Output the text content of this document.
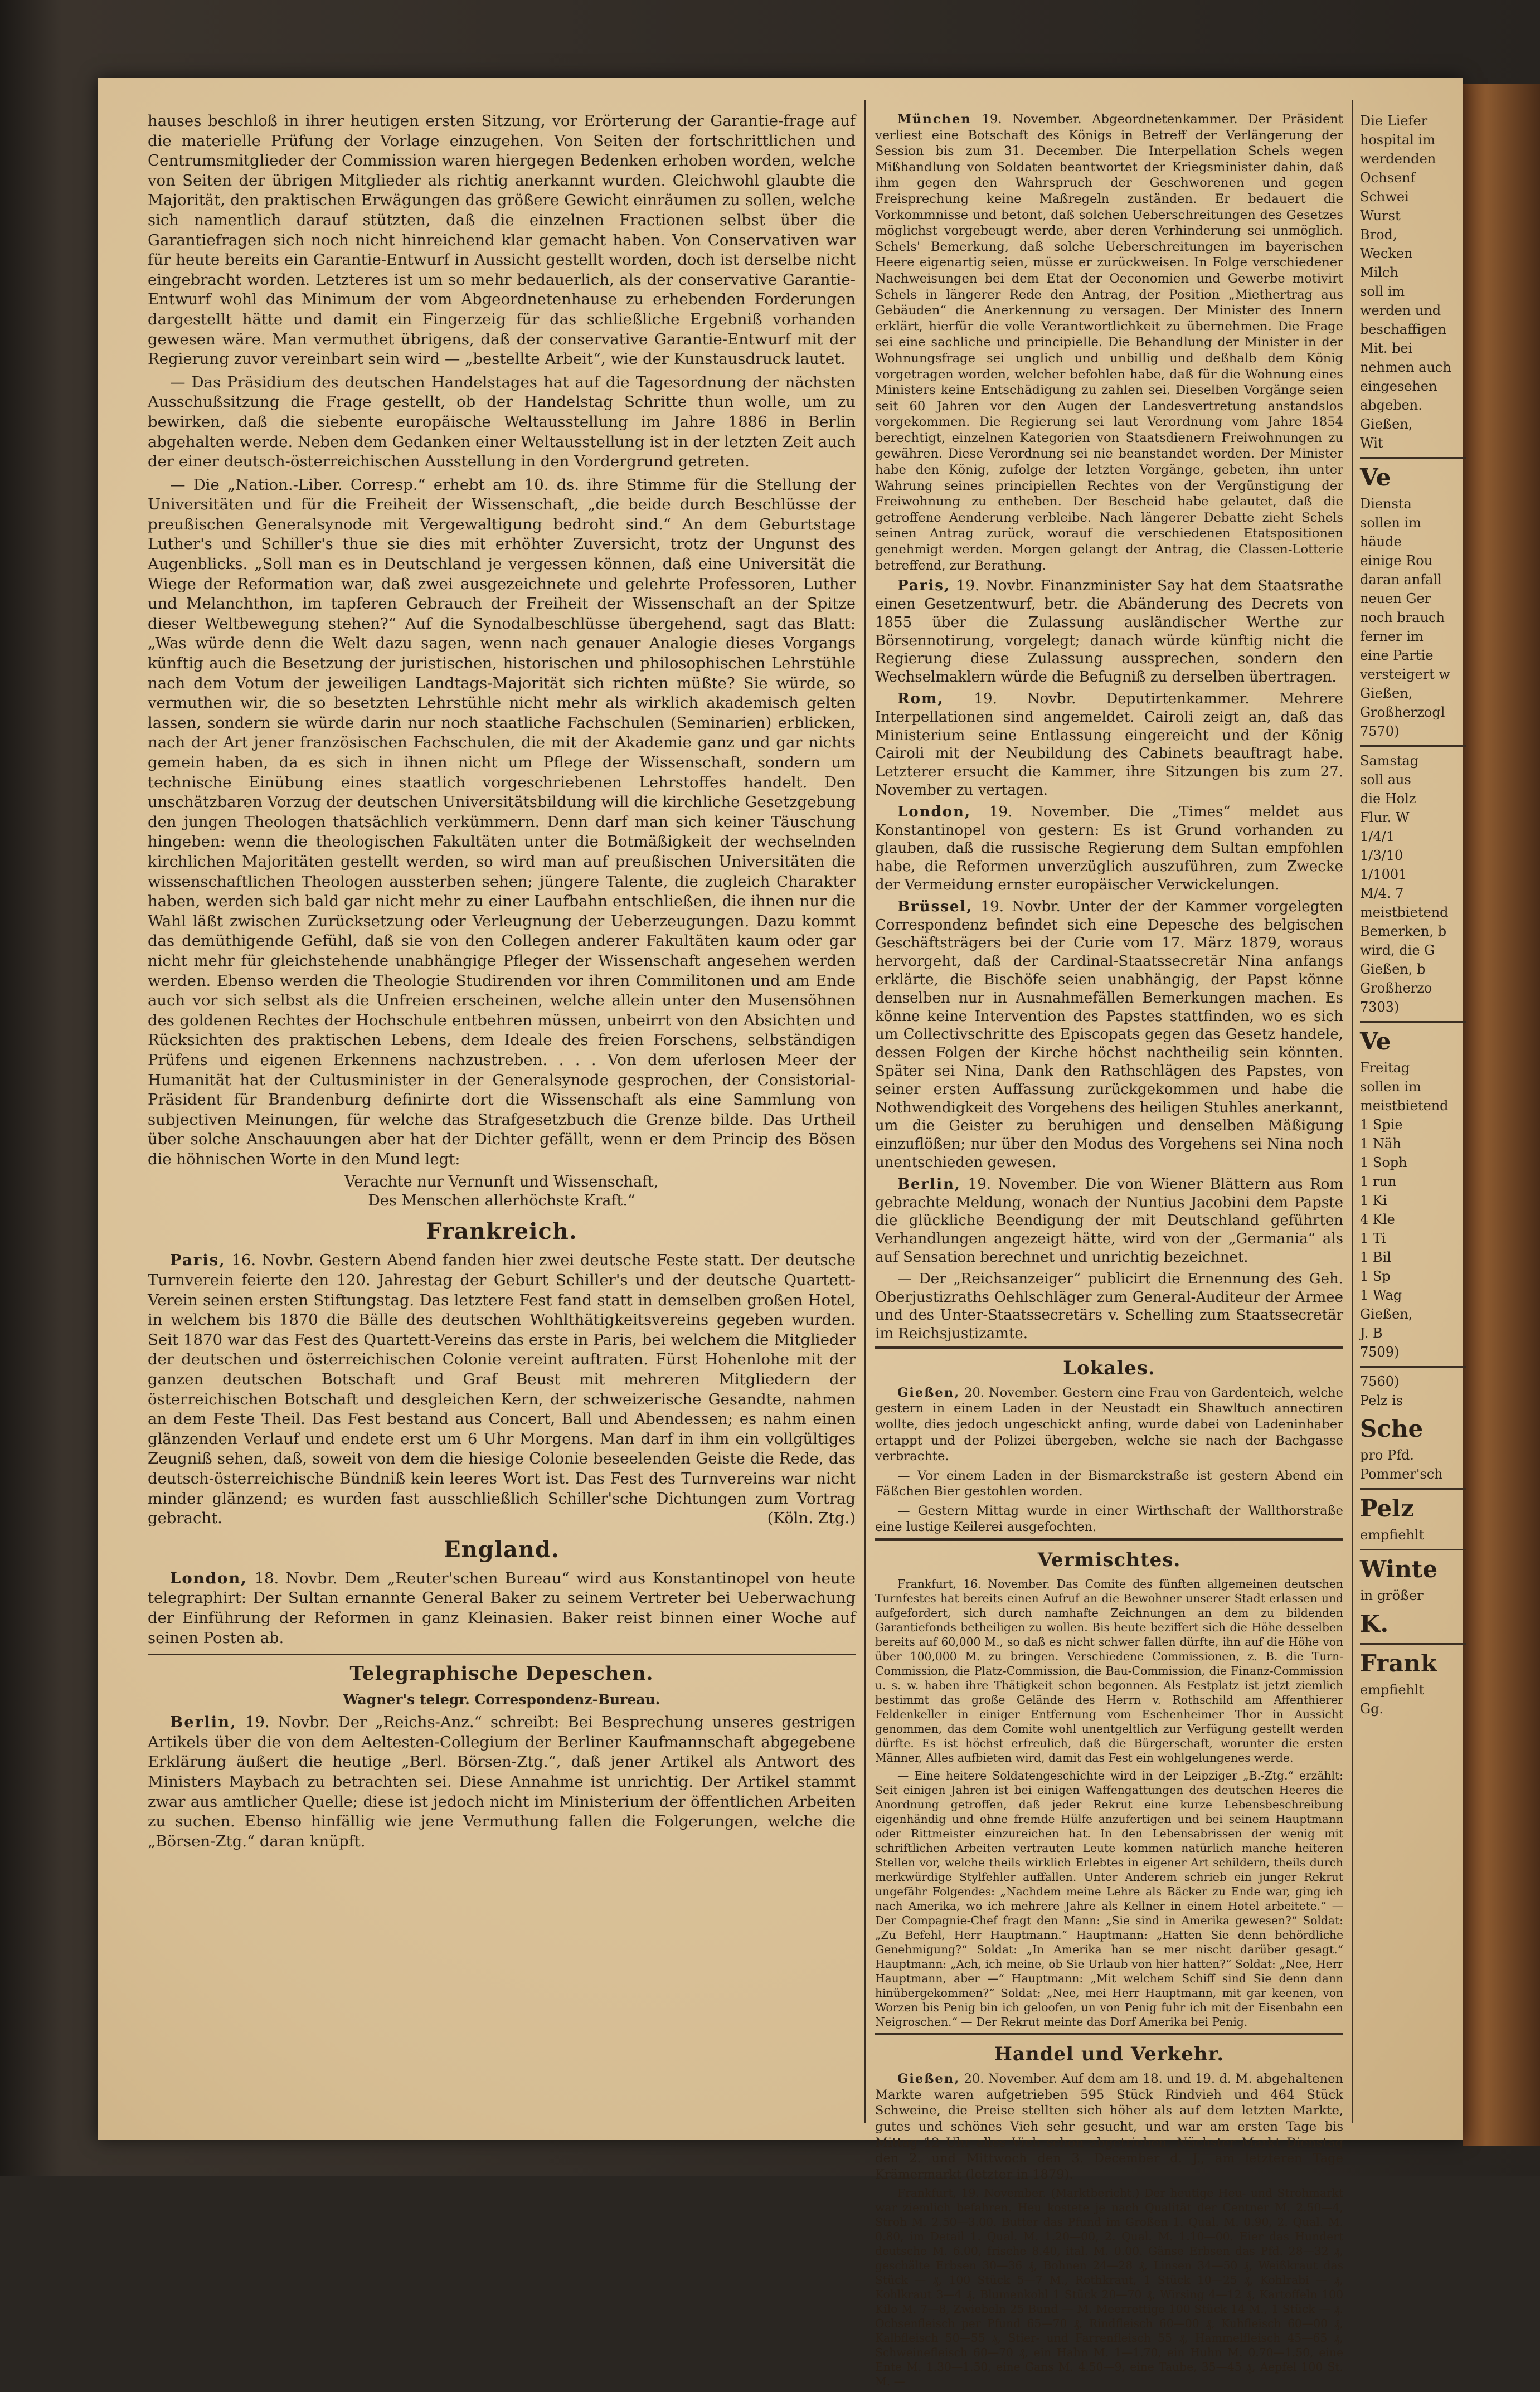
hauses beschloß in ihrer heutigen ersten Sitzung, vor Erörterung der Garantie-frage auf die materielle Prüfung der Vorlage einzugehen. Von Seiten der fortschrittlichen und Centrumsmitglieder der Commission waren hiergegen Bedenken erhoben worden, welche von Seiten der übrigen Mitglieder als richtig anerkannt wurden. Gleichwohl glaubte die Majorität, den praktischen Erwägungen das größere Gewicht einräumen zu sollen, welche sich namentlich darauf stützten, daß die einzelnen Fractionen selbst über die Garantiefragen sich noch nicht hinreichend klar gemacht haben. Von Conservativen war für heute bereits ein Garantie-Entwurf in Aussicht gestellt worden, doch ist derselbe nicht eingebracht worden. Letzteres ist um so mehr bedauerlich, als der conservative Garantie-Entwurf wohl das Minimum der vom Abgeordnetenhause zu erhebenden Forderungen dargestellt hätte und damit ein Fingerzeig für das schließliche Ergebniß vorhanden gewesen wäre. Man vermuthet übrigens, daß der conservative Garantie-Entwurf mit der Regierung zuvor vereinbart sein wird — „bestellte Arbeit“, wie der Kunstausdruck lautet.

— Das Präsidium des deutschen Handelstages hat auf die Tagesordnung der nächsten Ausschußsitzung die Frage gestellt, ob der Handelstag Schritte thun wolle, um zu bewirken, daß die siebente europäische Weltausstellung im Jahre 1886 in Berlin abgehalten werde. Neben dem Gedanken einer Weltausstellung ist in der letzten Zeit auch der einer deutsch-österreichischen Ausstellung in den Vordergrund getreten.

— Die „Nation.-Liber. Corresp.“ erhebt am 10. ds. ihre Stimme für die Stellung der Universitäten und für die Freiheit der Wissenschaft, „die beide durch Beschlüsse der preußischen Generalsynode mit Vergewaltigung bedroht sind.“ An dem Geburtstage Luther's und Schiller's thue sie dies mit erhöhter Zuversicht, trotz der Ungunst des Augenblicks. „Soll man es in Deutschland je vergessen können, daß eine Universität die Wiege der Reformation war, daß zwei ausgezeichnete und gelehrte Professoren, Luther und Melanchthon, im tapferen Gebrauch der Freiheit der Wissenschaft an der Spitze dieser Weltbewegung stehen?“ Auf die Synodalbeschlüsse übergehend, sagt das Blatt: „Was würde denn die Welt dazu sagen, wenn nach genauer Analogie dieses Vorgangs künftig auch die Besetzung der juristischen, historischen und philosophischen Lehrstühle nach dem Votum der jeweiligen Landtags-Majorität sich richten müßte? Sie würde, so vermuthen wir, die so besetzten Lehrstühle nicht mehr als wirklich akademisch gelten lassen, sondern sie würde darin nur noch staatliche Fachschulen (Seminarien) erblicken, nach der Art jener französischen Fachschulen, die mit der Akademie ganz und gar nichts gemein haben, da es sich in ihnen nicht um Pflege der Wissenschaft, sondern um technische Einübung eines staatlich vorgeschriebenen Lehrstoffes handelt. Den unschätzbaren Vorzug der deutschen Universitätsbildung will die kirchliche Gesetzgebung den jungen Theologen thatsächlich verkümmern. Denn darf man sich keiner Täuschung hingeben: wenn die theologischen Fakultäten unter die Botmäßigkeit der wechselnden kirchlichen Majoritäten gestellt werden, so wird man auf preußischen Universitäten die wissenschaftlichen Theologen aussterben sehen; jüngere Talente, die zugleich Charakter haben, werden sich bald gar nicht mehr zu einer Laufbahn entschließen, die ihnen nur die Wahl läßt zwischen Zurücksetzung oder Verleugnung der Ueberzeugungen. Dazu kommt das demüthigende Gefühl, daß sie von den Collegen anderer Fakultäten kaum oder gar nicht mehr für gleichstehende unabhängige Pfleger der Wissenschaft angesehen werden werden. Ebenso werden die Theologie Studirenden vor ihren Commilitonen und am Ende auch vor sich selbst als die Unfreien erscheinen, welche allein unter den Musensöhnen des goldenen Rechtes der Hochschule entbehren müssen, unbeirrt von den Absichten und Rücksichten des praktischen Lebens, dem Ideale des freien Forschens, selbständigen Prüfens und eigenen Erkennens nachzustreben. . . . Von dem uferlosen Meer der Humanität hat der Cultusminister in der Generalsynode gesprochen, der Consistorial-Präsident für Brandenburg definirte dort die Wissenschaft als eine Sammlung von subjectiven Meinungen, für welche das Strafgesetzbuch die Grenze bilde. Das Urtheil über solche Anschauungen aber hat der Dichter gefällt, wenn er dem Princip des Bösen die höhnischen Worte in den Mund legt:

Verachte nur Vernunft und Wissenschaft,

Des Menschen allerhöchste Kraft.“

Frankreich.

Paris, 16. Novbr. Gestern Abend fanden hier zwei deutsche Feste statt. Der deutsche Turnverein feierte den 120. Jahrestag der Geburt Schiller's und der deutsche Quartett-Verein seinen ersten Stiftungstag. Das letztere Fest fand statt in demselben großen Hotel, in welchem bis 1870 die Bälle des deutschen Wohlthätigkeitsvereins gegeben wurden. Seit 1870 war das Fest des Quartett-Vereins das erste in Paris, bei welchem die Mitglieder der deutschen und österreichischen Colonie vereint auftraten. Fürst Hohenlohe mit der ganzen deutschen Botschaft und Graf Beust mit mehreren Mitgliedern der österreichischen Botschaft und desgleichen Kern, der schweizerische Gesandte, nahmen an dem Feste Theil. Das Fest bestand aus Concert, Ball und Abendessen; es nahm einen glänzenden Verlauf und endete erst um 6 Uhr Morgens. Man darf in ihm ein vollgültiges Zeugniß sehen, daß, soweit von dem die hiesige Colonie beseelenden Geiste die Rede, das deutsch-österreichische Bündniß kein leeres Wort ist. Das Fest des Turnvereins war nicht minder glänzend; es wurden fast ausschließlich Schiller'sche Dichtungen zum Vortrag gebracht.	(Köln. Ztg.)

England.

London, 18. Novbr. Dem „Reuter'schen Bureau“ wird aus Konstantinopel von heute telegraphirt: Der Sultan ernannte General Baker zu seinem Vertreter bei Ueberwachung der Einführung der Reformen in ganz Kleinasien. Baker reist binnen einer Woche auf seinen Posten ab.

Telegraphische Depeschen.
Wagner's telegr. Correspondenz-Bureau.

Berlin, 19. Novbr. Der „Reichs-Anz.“ schreibt: Bei Besprechung unseres gestrigen Artikels über die von dem Aeltesten-Collegium der Berliner Kaufmannschaft abgegebene Erklärung äußert die heutige „Berl. Börsen-Ztg.“, daß jener Artikel als Antwort des Ministers Maybach zu betrachten sei. Diese Annahme ist unrichtig. Der Artikel stammt zwar aus amtlicher Quelle; diese ist jedoch nicht im Ministerium der öffentlichen Arbeiten zu suchen. Ebenso hinfällig wie jene Vermuthung fallen die Folgerungen, welche die „Börsen-Ztg.“ daran knüpft.

München 19. November. Abgeordnetenkammer. Der Präsident verliest eine Botschaft des Königs in Betreff der Verlängerung der Session bis zum 31. December. Die Interpellation Schels wegen Mißhandlung von Soldaten beantwortet der Kriegsminister dahin, daß ihm gegen den Wahrspruch der Geschworenen und gegen Freisprechung keine Maßregeln zuständen. Er bedauert die Vorkommnisse und betont, daß solchen Ueberschreitungen des Gesetzes möglichst vorgebeugt werde, aber deren Verhinderung sei unmöglich. Schels' Bemerkung, daß solche Ueberschreitungen im bayerischen Heere eigenartig seien, müsse er zurückweisen. In Folge verschiedener Nachweisungen bei dem Etat der Oeconomien und Gewerbe motivirt Schels in längerer Rede den Antrag, der Position „Miethertrag aus Gebäuden“ die Anerkennung zu versagen. Der Minister des Innern erklärt, hierfür die volle Verantwortlichkeit zu übernehmen. Die Frage sei eine sachliche und principielle. Die Behandlung der Minister in der Wohnungsfrage sei unglich und unbillig und deßhalb dem König vorgetragen worden, welcher befohlen habe, daß für die Wohnung eines Ministers keine Entschädigung zu zahlen sei. Dieselben Vorgänge seien seit 60 Jahren vor den Augen der Landesvertretung anstandslos vorgekommen. Die Regierung sei laut Verordnung vom Jahre 1854 berechtigt, einzelnen Kategorien von Staatsdienern Freiwohnungen zu gewähren. Diese Verordnung sei nie beanstandet worden. Der Minister habe den König, zufolge der letzten Vorgänge, gebeten, ihn unter Wahrung seines principiellen Rechtes von der Vergünstigung der Freiwohnung zu entheben. Der Bescheid habe gelautet, daß die getroffene Aenderung verbleibe. Nach längerer Debatte zieht Schels seinen Antrag zurück, worauf die verschiedenen Etatspositionen genehmigt werden. Morgen gelangt der Antrag, die Classen-Lotterie betreffend, zur Berathung.

Paris, 19. Novbr. Finanzminister Say hat dem Staatsrathe einen Gesetzentwurf, betr. die Abänderung des Decrets von 1855 über die Zulassung ausländischer Werthe zur Börsennotirung, vorgelegt; danach würde künftig nicht die Regierung diese Zulassung aussprechen, sondern den Wechselmaklern würde die Befugniß zu derselben übertragen.

Rom, 19. Novbr. Deputirtenkammer. Mehrere Interpellationen sind angemeldet. Cairoli zeigt an, daß das Ministerium seine Entlassung eingereicht und der König Cairoli mit der Neubildung des Cabinets beauftragt habe. Letzterer ersucht die Kammer, ihre Sitzungen bis zum 27. November zu vertagen.

London, 19. November. Die „Times“ meldet aus Konstantinopel von gestern: Es ist Grund vorhanden zu glauben, daß die russische Regierung dem Sultan empfohlen habe, die Reformen unverzüglich auszuführen, zum Zwecke der Vermeidung ernster europäischer Verwickelungen.

Brüssel, 19. Novbr. Unter der der Kammer vorgelegten Correspondenz befindet sich eine Depesche des belgischen Geschäftsträgers bei der Curie vom 17. März 1879, woraus hervorgeht, daß der Cardinal-Staatssecretär Nina anfangs erklärte, die Bischöfe seien unabhängig, der Papst könne denselben nur in Ausnahmefällen Bemerkungen machen. Es könne keine Intervention des Papstes stattfinden, wo es sich um Collectivschritte des Episcopats gegen das Gesetz handele, dessen Folgen der Kirche höchst nachtheilig sein könnten. Später sei Nina, Dank den Rathschlägen des Papstes, von seiner ersten Auffassung zurückgekommen und habe die Nothwendigkeit des Vorgehens des heiligen Stuhles anerkannt, um die Geister zu beruhigen und denselben Mäßigung einzuflößen; nur über den Modus des Vorgehens sei Nina noch unentschieden gewesen.

Berlin, 19. November. Die von Wiener Blättern aus Rom gebrachte Meldung, wonach der Nuntius Jacobini dem Papste die glückliche Beendigung der mit Deutschland geführten Verhandlungen angezeigt hätte, wird von der „Germania“ als auf Sensation berechnet und unrichtig bezeichnet.

— Der „Reichsanzeiger“ publicirt die Ernennung des Geh. Oberjustizraths Oehlschläger zum General-Auditeur der Armee und des Unter-Staatssecretärs v. Schelling zum Staatssecretär im Reichsjustizamte.

Lokales.

Gießen, 20. November. Gestern eine Frau von Gardenteich, welche gestern in einem Laden in der Neustadt ein Shawltuch annectiren wollte, dies jedoch ungeschickt anfing, wurde dabei von Ladeninhaber ertappt und der Polizei übergeben, welche sie nach der Bachgasse verbrachte.

— Vor einem Laden in der Bismarckstraße ist gestern Abend ein Fäßchen Bier gestohlen worden.

— Gestern Mittag wurde in einer Wirthschaft der Wallthorstraße eine lustige Keilerei ausgefochten.

Vermischtes.

Frankfurt, 16. November. Das Comite des fünften allgemeinen deutschen Turnfestes hat bereits einen Aufruf an die Bewohner unserer Stadt erlassen und aufgefordert, sich durch namhafte Zeichnungen an dem zu bildenden Garantiefonds betheiligen zu wollen. Bis heute beziffert sich die Höhe desselben bereits auf 60,000 M., so daß es nicht schwer fallen dürfte, ihn auf die Höhe von über 100,000 M. zu bringen. Verschiedene Commissionen, z. B. die Turn-Commission, die Platz-Commission, die Bau-Commission, die Finanz-Commission u. s. w. haben ihre Thätigkeit schon begonnen. Als Festplatz ist jetzt ziemlich bestimmt das große Gelände des Herrn v. Rothschild am Affenthierer Feldenkeller in einiger Entfernung vom Eschenheimer Thor in Aussicht genommen, das dem Comite wohl unentgeltlich zur Verfügung gestellt werden dürfte. Es ist höchst erfreulich, daß die Bürgerschaft, worunter die ersten Männer, Alles aufbieten wird, damit das Fest ein wohlgelungenes werde.

— Eine heitere Soldatengeschichte wird in der Leipziger „B.-Ztg.“ erzählt: Seit einigen Jahren ist bei einigen Waffengattungen des deutschen Heeres die Anordnung getroffen, daß jeder Rekrut eine kurze Lebensbeschreibung eigenhändig und ohne fremde Hülfe anzufertigen und bei seinem Hauptmann oder Rittmeister einzureichen hat. In den Lebensabrissen der wenig mit schriftlichen Arbeiten vertrauten Leute kommen natürlich manche heiteren Stellen vor, welche theils wirklich Erlebtes in eigener Art schildern, theils durch merkwürdige Stylfehler auffallen. Unter Anderem schrieb ein junger Rekrut ungefähr Folgendes: „Nachdem meine Lehre als Bäcker zu Ende war, ging ich nach Amerika, wo ich mehrere Jahre als Kellner in einem Hotel arbeitete.“ — Der Compagnie-Chef fragt den Mann: „Sie sind in Amerika gewesen?“ Soldat: „Zu Befehl, Herr Hauptmann.“ Hauptmann: „Hatten Sie denn behördliche Genehmigung?“ Soldat: „In Amerika han se mer nischt darüber gesagt.“ Hauptmann: „Ach, ich meine, ob Sie Urlaub von hier hatten?“ Soldat: „Nee, Herr Hauptmann, aber —“ Hauptmann: „Mit welchem Schiff sind Sie denn dann hinübergekommen?“ Soldat: „Nee, mei Herr Hauptmann, mit gar keenen, von Worzen bis Penig bin ich geloofen, un von Penig fuhr ich mit der Eisenbahn een Neigroschen.“ — Der Rekrut meinte das Dorf Amerika bei Penig.

Handel und Verkehr.

Gießen, 20. November. Auf dem am 18. und 19. d. M. abgehaltenen Markte waren aufgetrieben 595 Stück Rindvieh und 464 Stück Schweine, die Preise stellten sich höher als auf dem letzten Markte, gutes und schönes Vieh sehr gesucht, und war am ersten Tage bis Mittag 12 Uhr alles Vieh schon abgetrieben. Nächster Markt Dienstag den 2. und Mittwoch den 3. December d. J., am letzteren Tage Krämermarkt (letzter in 1879).

Frankfurt, 19. November. (Marktbericht.) Der heutige Heu- und Strohmarkt war ziemlich befahren. Heu kostete je nach Qualität der Centner M. 2.50—4, Stroh M. 2.50—3.00. Butter das Pfund im Großen 1. Qual. M. 0.90, 2. Qual. M. 0.80, im Detail 1. Qual. M. 1.20—00, 2. Qual. M. 1.10—00. Eier das Hundert deutsche M. 6.00, frische 8.40, ital. M. 0.00. Gänse Erbsen das Pfd. 28—32 ₰, geschälte Erbsen 30—36 ₰, Bohnen 24—28 ₰, Linsen 34—50 ₰, Weißkraut das Stück — ₰, 100 Stück 5—7 M., Rothkraut, 1 Stück 10—25 ₰, Kohlrabi — ₰, Kohlkraut 3—4 ₰, Blumenkohl 1 Stück 20—70 ₰, Wirsing 4—12 ₰, Kartoffeln 100 Kilo M. 7—8, Zwiebeln 25 Bund — M. Meerrettige 100 Stück 14 M., 1 Stück — ₰. Ochsenfleisch per Pfund 65—70 ₰, Rindfleisch 60—00 ₰, Kuhfleisch 60—00 ₰, Kalbfleisch 50—55 ₰, Stier- und Farrenfleisch 55 ₰, Hammelfleisch 45—65 ₰, Schweinefleisch 60—70 ₰, ein Hahn M. 1—1.70, ein Huhn M. 0.70—1.50, eine Ente M. 1.30—1.50, eine Gans M. 4.50—9, eine Taube, 35—45 ₰, Aepfel 100 St. M. —

Die Liefer

hospital im

werdenden

Ochsenf

Schwei

Wurst

Brod,

Wecken

Milch

soll im

werden und

beschaffigen

Mit. bei

nehmen auch

eingesehen

abgeben.

Gießen,

Wit

Ve

Diensta

sollen im

häude

einige Rou

daran anfall

neuen Ger

noch brauch

ferner im

eine Partie

versteigert w

Gießen,

Großherzogl

7570)

Samstag

soll aus

die Holz

Flur. W

1/4/1

1/3/10

1/1001

M/4. 7

meistbietend

Bemerken, b

wird, die G

Gießen, b

Großherzo

7303)

Ve

Freitag

sollen im

meistbietend

1 Spie

1 Näh

1 Soph

1 run

1 Ki

4 Kle

1 Ti

1 Bil

1 Sp

1 Wag

Gießen,

J. B

7509)

7560)

Pelz is

Sche

pro Pfd.

Pommer'sch

Pelz

empfiehlt

Winte

in größer

K.
Frank

empfiehlt

Gg.
